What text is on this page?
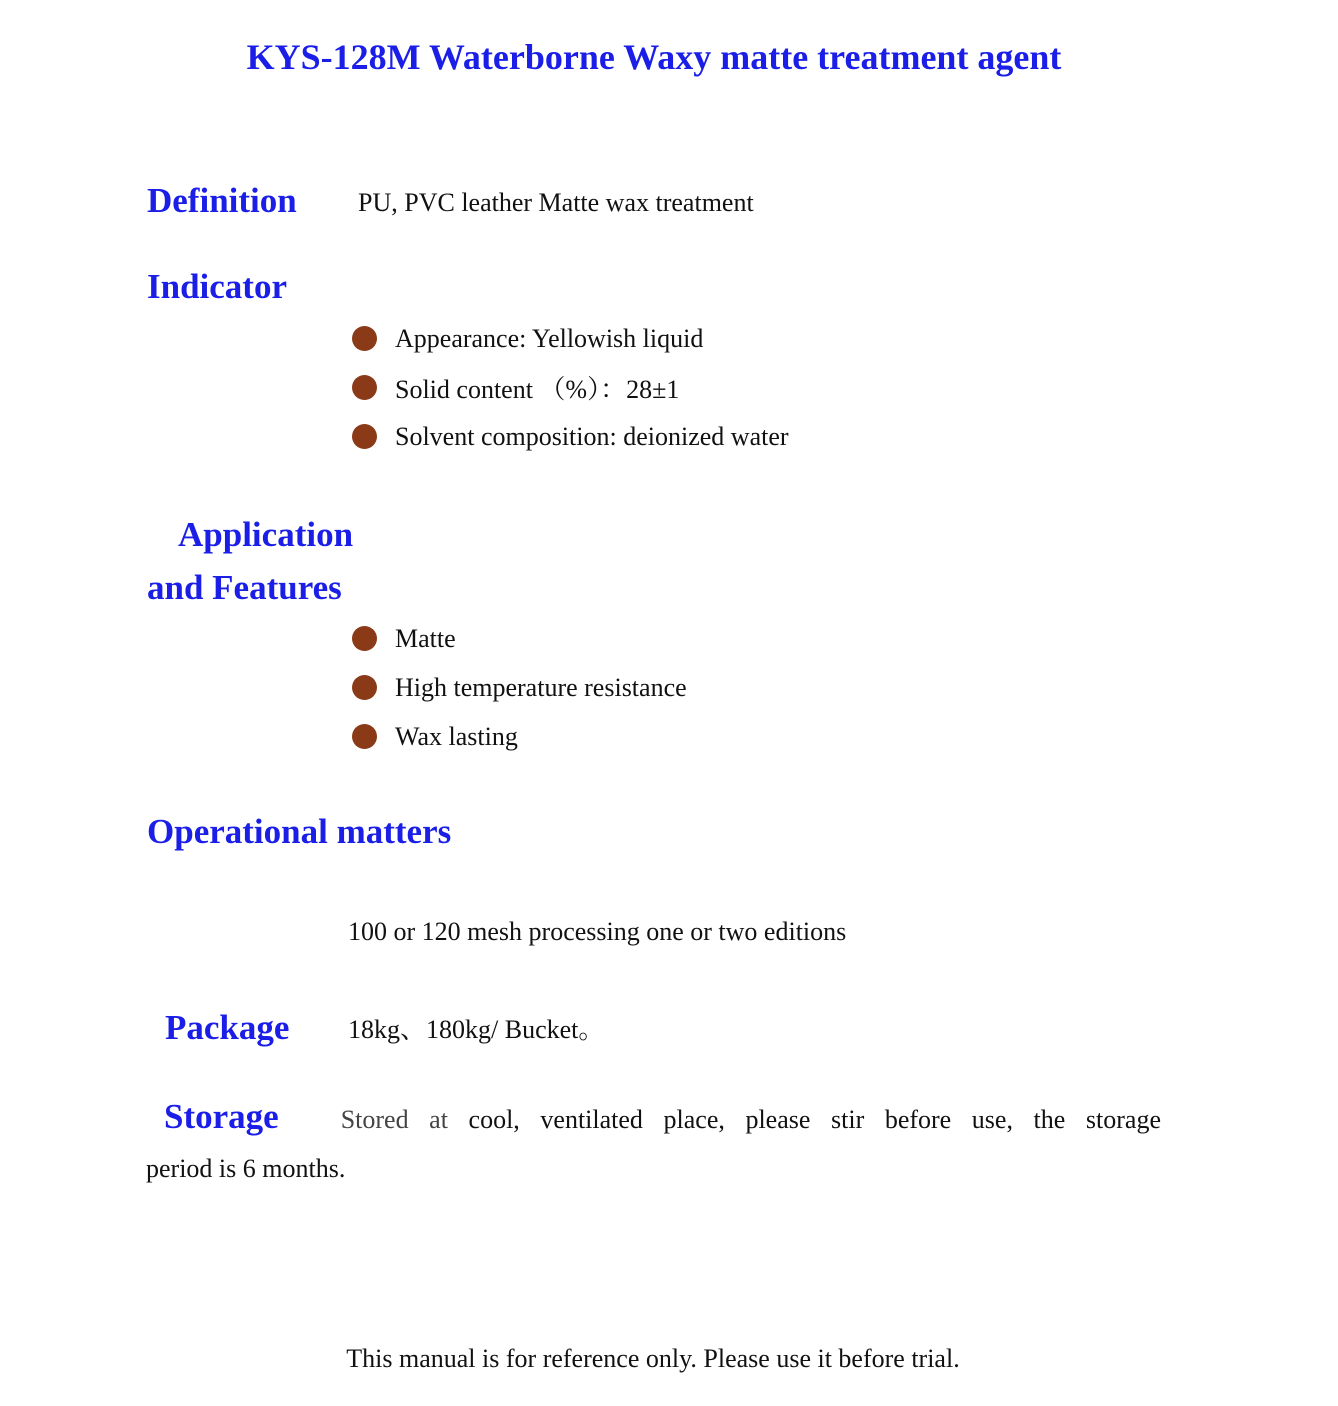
KYS-128M Waterborne Waxy matte treatment agent
Definition PU, PVC leather Matte wax treatment
Indicator
Appearance: Yellowish liquid
Solid content （%）：28±1
Solvent composition: deionized water
Application
and Features
Matte
High temperature resistance
Wax lasting
Operational matters
100 or 120 mesh processing one or two editions
Package 18kg、180kg/ Bucket。

Storage Stored at cool, ventilated place, please stir before use, the storage
period is 6 months.

This manual is for reference only. Please use it before trial.
